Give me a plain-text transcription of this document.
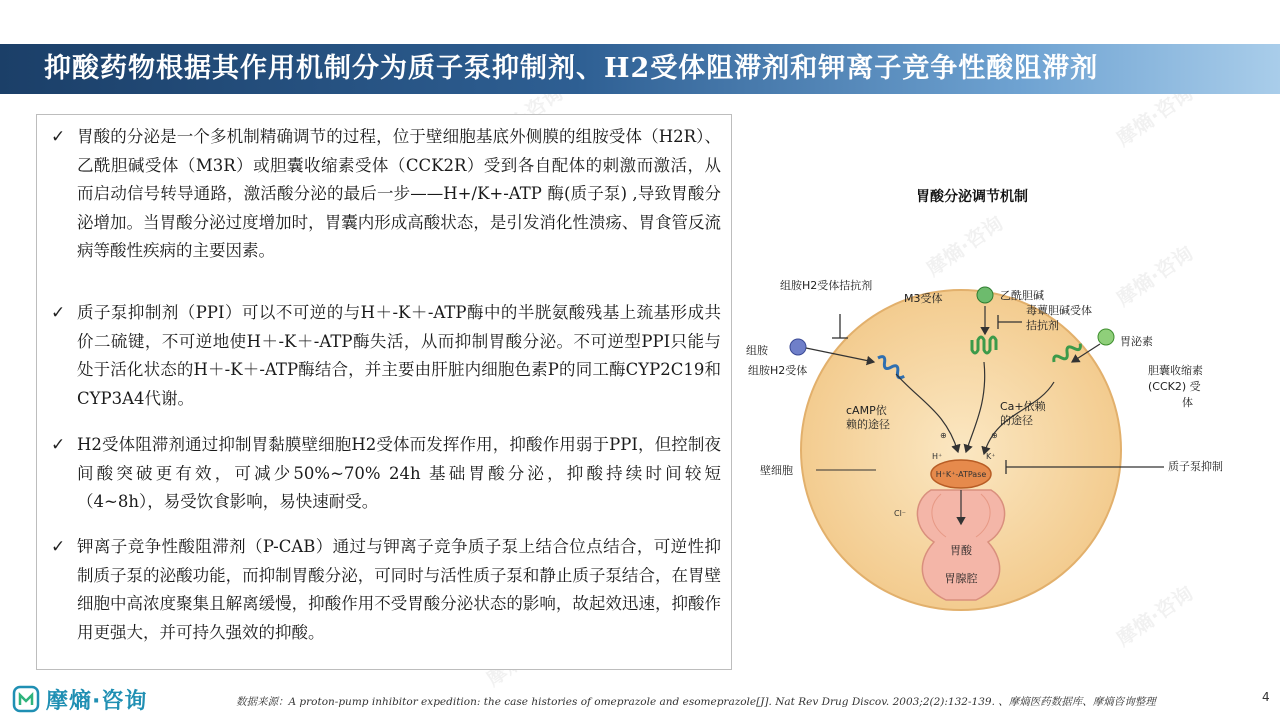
摩熵·咨询
摩熵·咨询	摩熵·咨询
摩熵·咨询
抑酸药物根据其作用机制分为质子泵抑制剂、H2受体阻滞剂和钾离子竞争性酸阻滞剂
✓ 胃酸的分泌是一个多机制精确调节的过程，位于壁细胞基底外侧膜的组胺受体（H2R）、乙酰胆碱受体（M3R）或胆囊收缩素受体（CCK2R）受到各自配体的刺激而激活，从而启动信号转导通路，激活酸分泌的最后一步——H+/K+-ATP 酶(质子泵) ,导致胃酸分泌增加。当胃酸分泌过度增加时，胃囊内形成高酸状态，是引发消化性溃疡、胃食管反流病等酸性疾病的主要因素。
✓ 质子泵抑制剂（PPI）可以不可逆的与H＋-K＋-ATP酶中的半胱氨酸残基上巯基形成共价二硫键，不可逆地使H＋-K＋-ATP酶失活，从而抑制胃酸分泌。不可逆型PPI只能与处于活化状态的H＋-K＋-ATP酶结合，并主要由肝脏内细胞色素P的同工酶CYP2C19和CYP3A4代谢。
✓ H2受体阻滞剂通过抑制胃黏膜壁细胞H2受体而发挥作用，抑酸作用弱于PPI，但控制夜间酸突破更有效，可减少50%~70% 24h 基础胃酸分泌，抑酸持续时间较短（4~8h），易受饮食影响，易快速耐受。
✓ 钾离子竞争性酸阻滞剂（P-CAB）通过与钾离子竞争质子泵上结合位点结合，可逆性抑制质子泵的泌酸功能，而抑制胃酸分泌，可同时与活性质子泵和静止质子泵结合，在胃壁细胞中高浓度聚集且解离缓慢，抑酸作用不受胃酸分泌状态的影响，故起效迅速，抑酸作用更强大，并可持久强效的抑酸。
胃酸分泌调节机制
H⁺K⁺-ATPase
组胺H2受体拮抗剂
M3受体	乙酰胆碱
毒蕈胆碱受体
拮抗剂
组胺
组胺H2受体
胃泌素
胆囊收缩素
(CCK2) 受
体
cAMP依
赖的途径
Ca+依赖
的途径
⊕	⊕
壁细胞	质子泵抑制
H⁺	K⁺
Cl⁻
胃酸
胃腺腔
摩熵·咨询	数据来源：A proton-pump inhibitor expedition: the case histories of omeprazole and esomeprazole[J]. Nat Rev Drug Discov. 2003;2(2):132-139. 、摩熵医药数据库、摩熵咨询整理	4
